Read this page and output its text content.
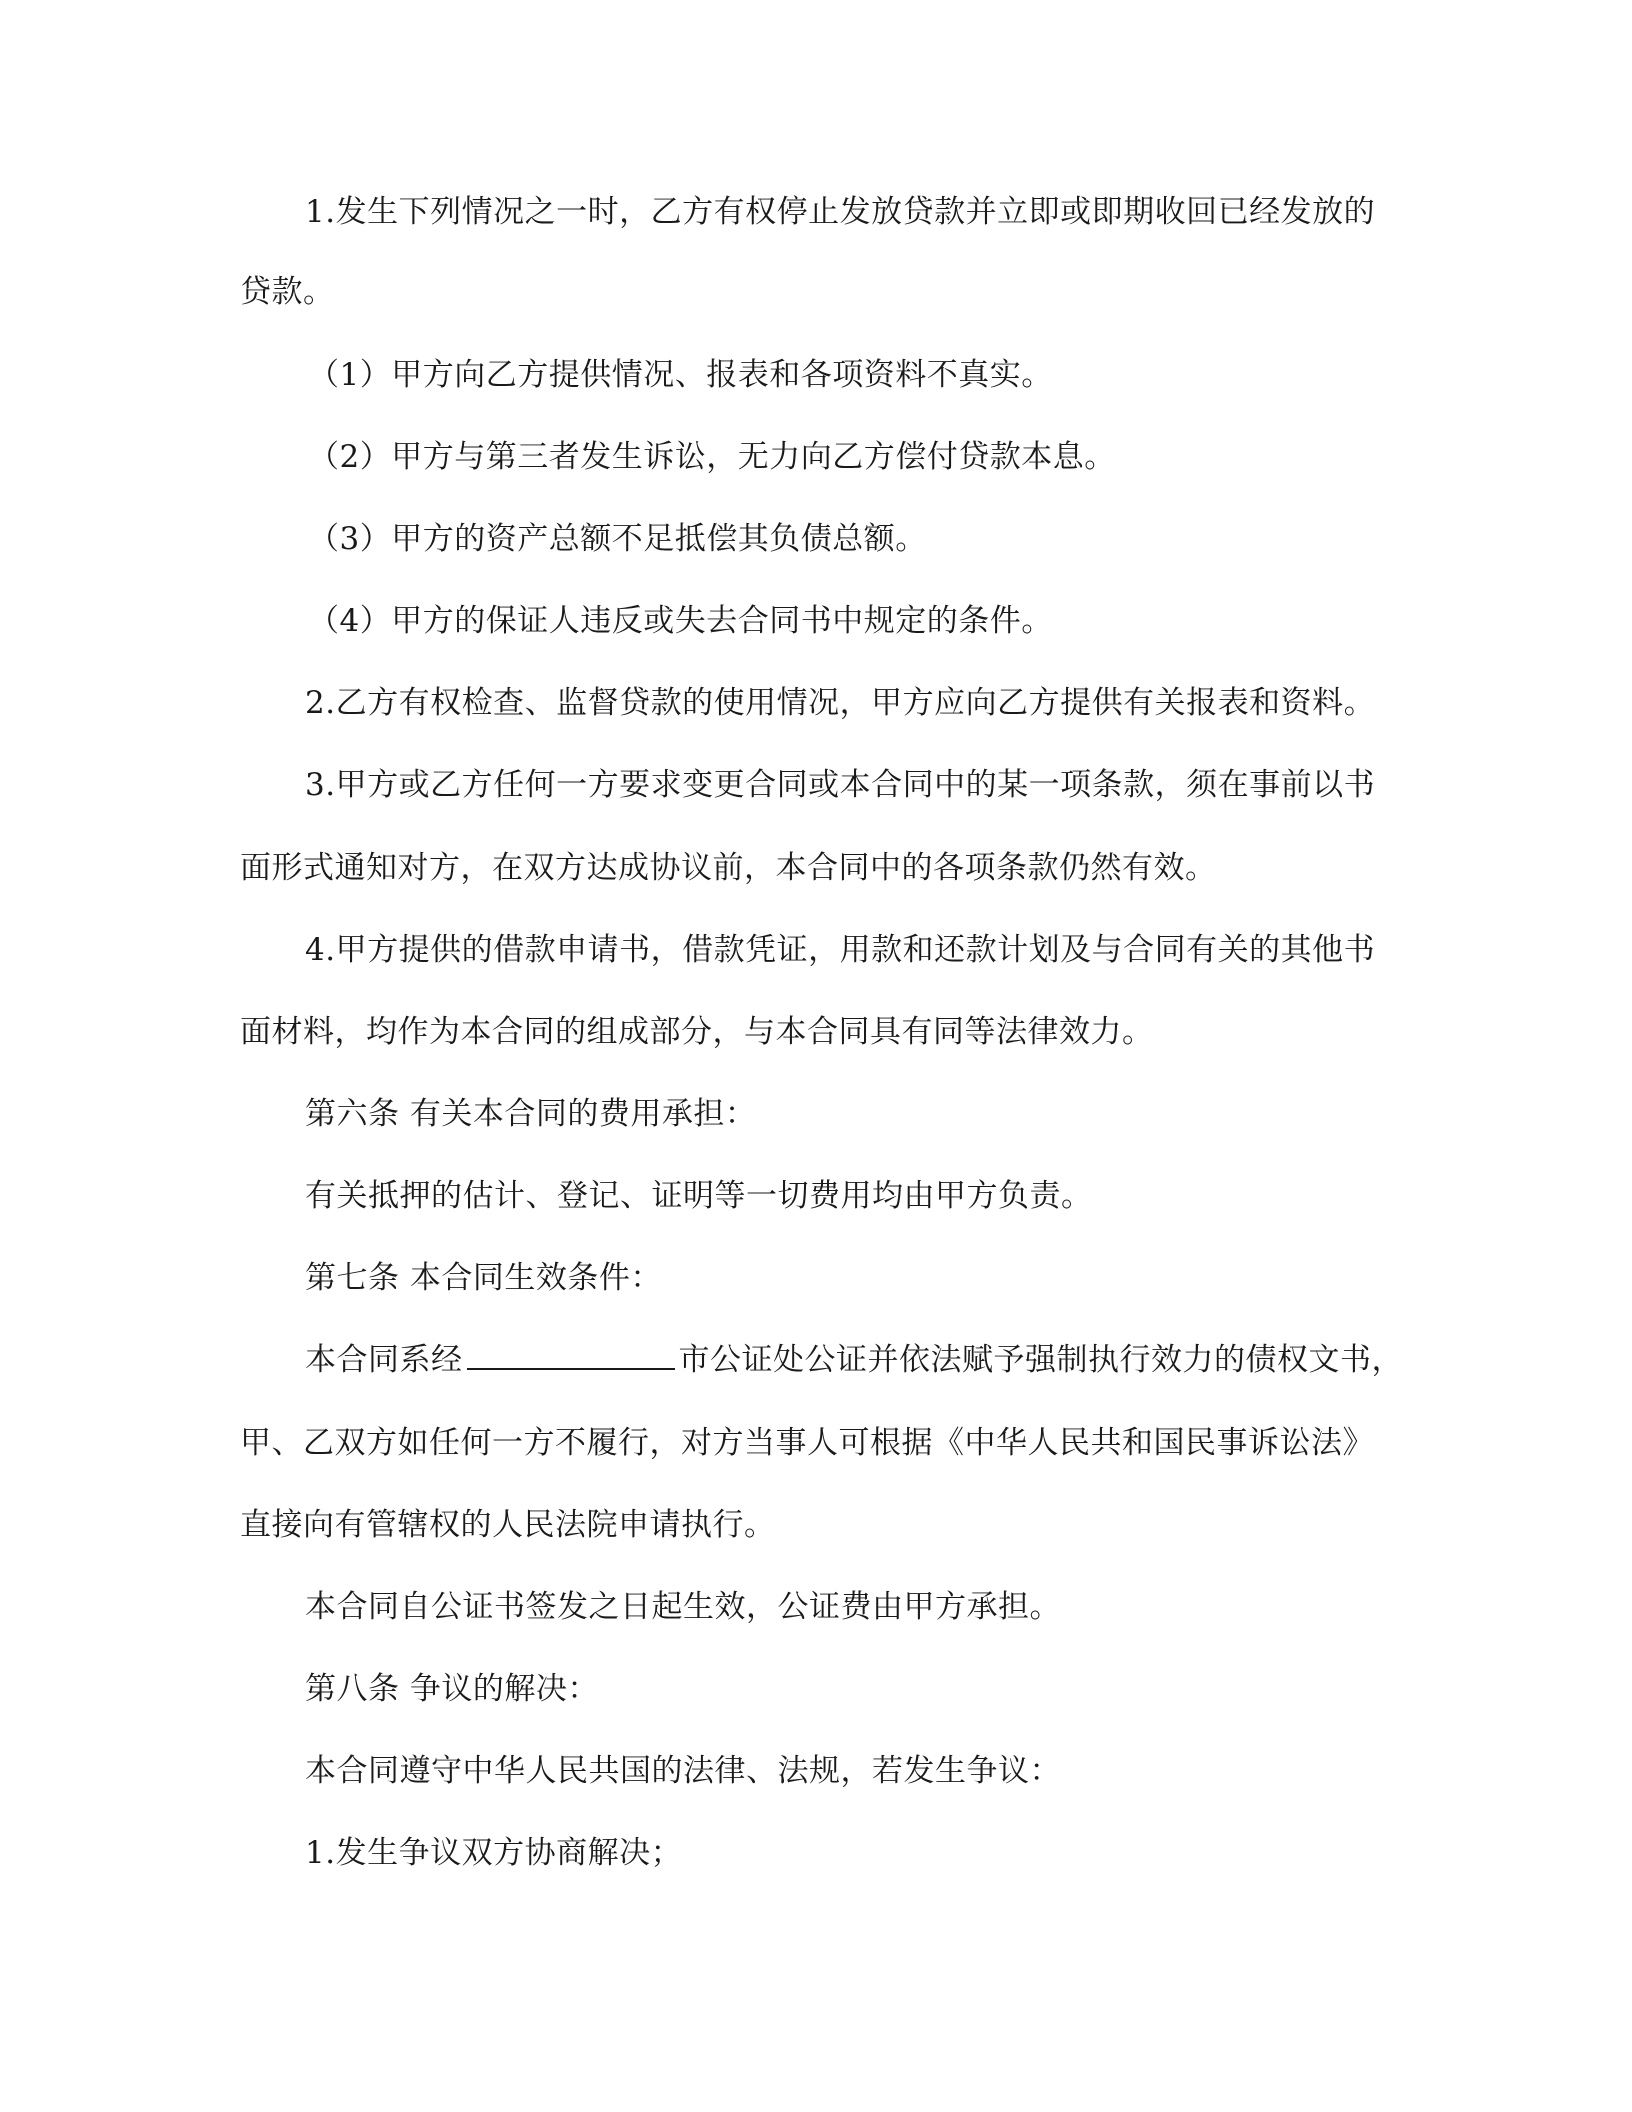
1.发生下列情况之一时，乙方有权停止发放贷款并立即或即期收回已经发放的
贷款。
（1）甲方向乙方提供情况、报表和各项资料不真实。
（2）甲方与第三者发生诉讼，无力向乙方偿付贷款本息。
（3）甲方的资产总额不足抵偿其负债总额。
（4）甲方的保证人违反或失去合同书中规定的条件。
2.乙方有权检查、监督贷款的使用情况，甲方应向乙方提供有关报表和资料。
3.甲方或乙方任何一方要求变更合同或本合同中的某一项条款，须在事前以书
面形式通知对方，在双方达成协议前，本合同中的各项条款仍然有效。
4.甲方提供的借款申请书，借款凭证，用款和还款计划及与合同有关的其他书
面材料，均作为本合同的组成部分，与本合同具有同等法律效力。
第六条 有关本合同的费用承担：
有关抵押的估计、登记、证明等一切费用均由甲方负责。
第七条 本合同生效条件：
本合同系经	市公证处公证并依法赋予强制执行效力的债权文书，
甲、乙双方如任何一方不履行，对方当事人可根据《中华人民共和国民事诉讼法》
直接向有管辖权的人民法院申请执行。
本合同自公证书签发之日起生效，公证费由甲方承担。
第八条 争议的解决：
本合同遵守中华人民共国的法律、法规，若发生争议：
1.发生争议双方协商解决；
